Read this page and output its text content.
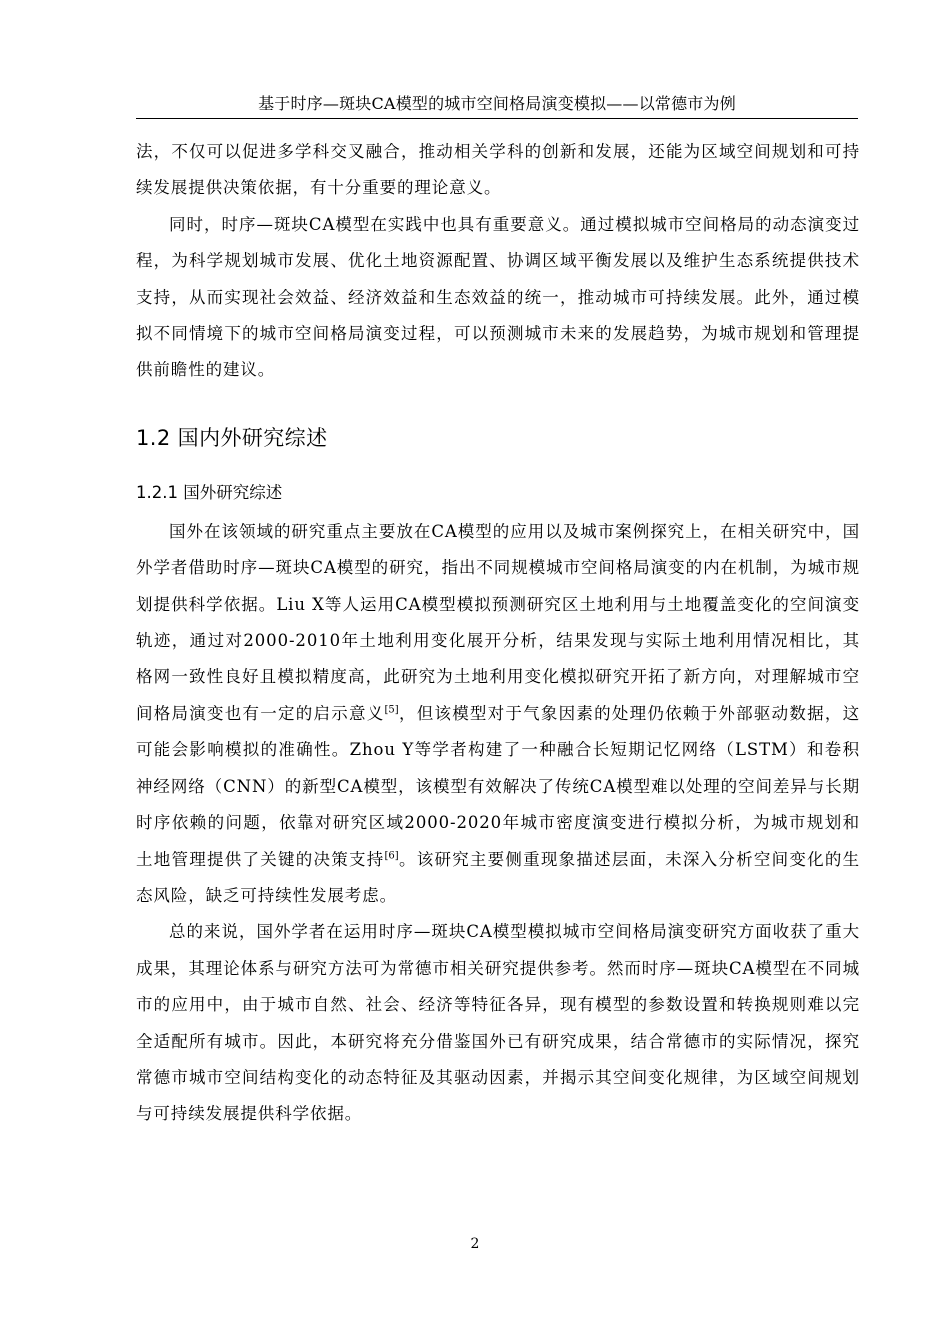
基于时序—斑块CA模型的城市空间格局演变模拟——以常德市为例

法，不仅可以促进多学科交叉融合，推动相关学科的创新和发展，还能为区域空间规划和可持续发展提供决策依据，有十分重要的理论意义。

同时，时序—斑块CA模型在实践中也具有重要意义。通过模拟城市空间格局的动态演变过程，为科学规划城市发展、优化土地资源配置、协调区域平衡发展以及维护生态系统提供技术支持，从而实现社会效益、经济效益和生态效益的统一，推动城市可持续发展。此外，通过模拟不同情境下的城市空间格局演变过程，可以预测城市未来的发展趋势，为城市规划和管理提供前瞻性的建议。

1.2 国内外研究综述
1.2.1 国外研究综述

国外在该领域的研究重点主要放在CA模型的应用以及城市案例探究上，在相关研究中，国外学者借助时序—斑块CA模型的研究，指出不同规模城市空间格局演变的内在机制，为城市规划提供科学依据。Liu X等人运用CA模型模拟预测研究区土地利用与土地覆盖变化的空间演变轨迹，通过对2000-2010年土地利用变化展开分析，结果发现与实际土地利用情况相比，其格网一致性良好且模拟精度高，此研究为土地利用变化模拟研究开拓了新方向，对理解城市空间格局演变也有一定的启示意义[5]，但该模型对于气象因素的处理仍依赖于外部驱动数据，这可能会影响模拟的准确性。Zhou Y等学者构建了一种融合长短期记忆网络（LSTM）和卷积神经网络（CNN）的新型CA模型，该模型有效解决了传统CA模型难以处理的空间差异与长期时序依赖的问题，依靠对研究区域2000-2020年城市密度演变进行模拟分析，为城市规划和土地管理提供了关键的决策支持[6]。该研究主要侧重现象描述层面，未深入分析空间变化的生态风险，缺乏可持续性发展考虑。

总的来说，国外学者在运用时序—斑块CA模型模拟城市空间格局演变研究方面收获了重大成果，其理论体系与研究方法可为常德市相关研究提供参考。然而时序—斑块CA模型在不同城市的应用中，由于城市自然、社会、经济等特征各异，现有模型的参数设置和转换规则难以完全适配所有城市。因此，本研究将充分借鉴国外已有研究成果，结合常德市的实际情况，探究常德市城市空间结构变化的动态特征及其驱动因素，并揭示其空间变化规律，为区域空间规划与可持续发展提供科学依据。

2
